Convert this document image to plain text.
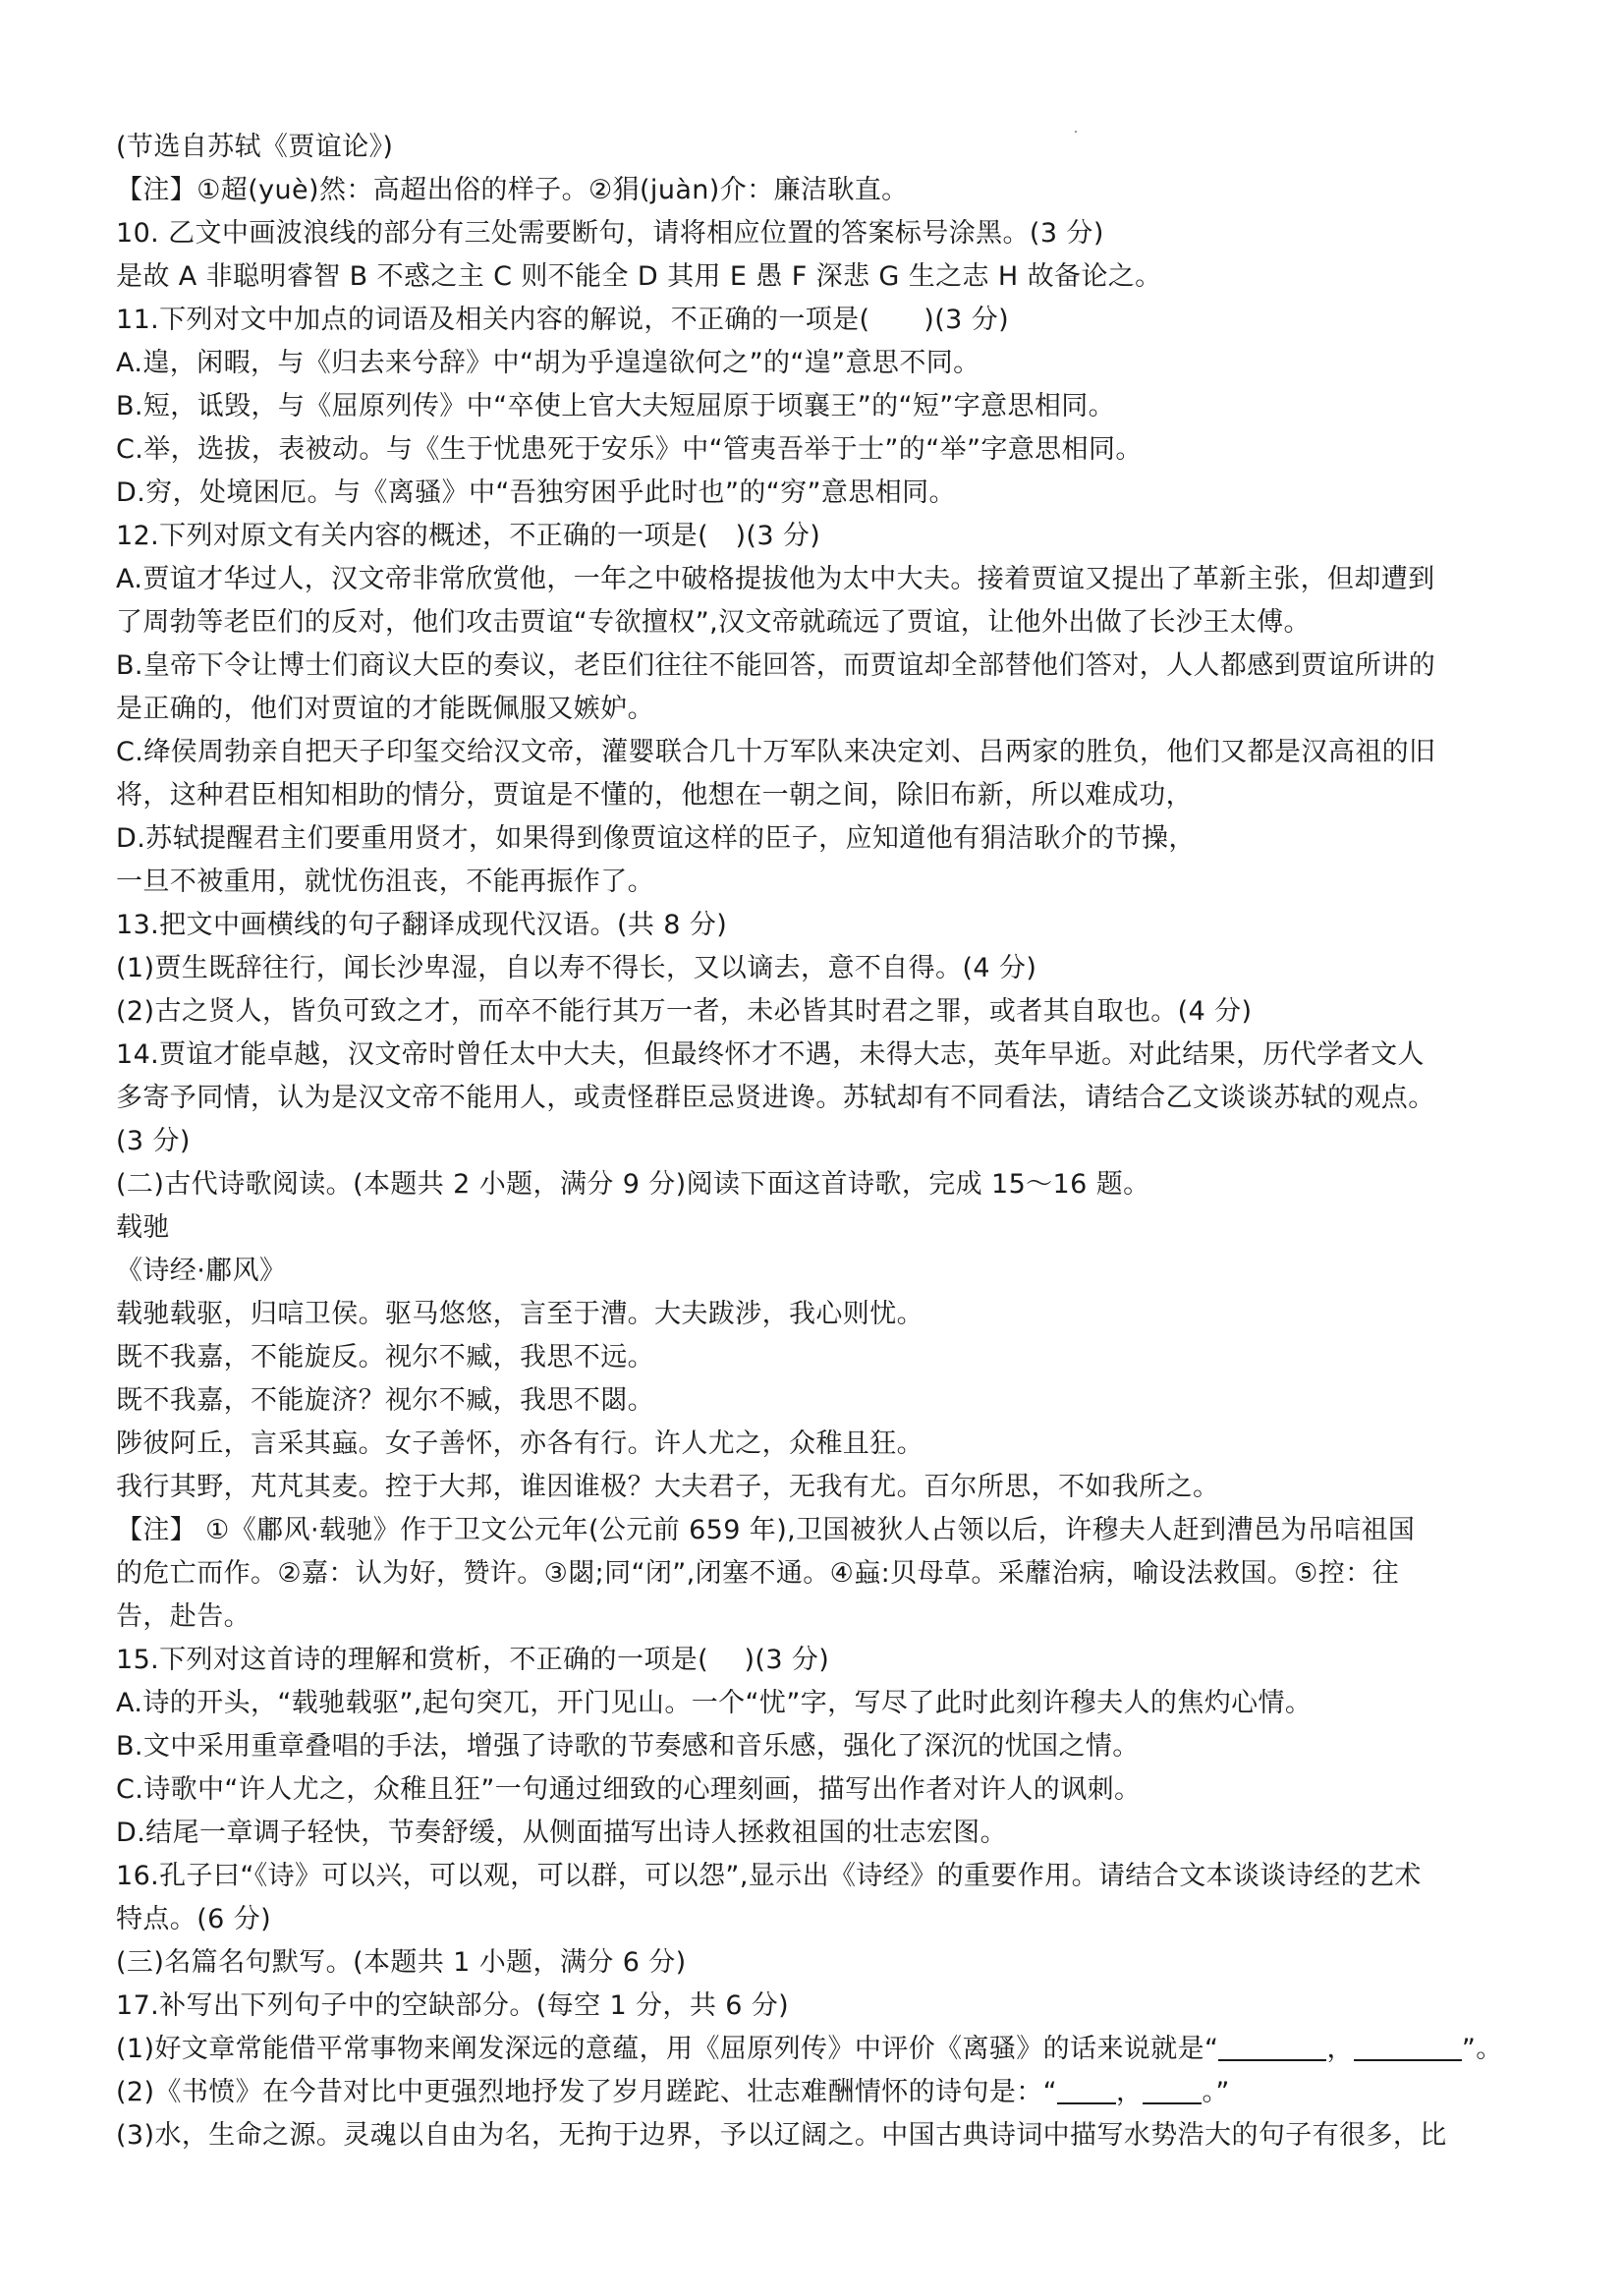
(节选自苏轼《贾谊论》)
【注】①超(yuè)然：高超出俗的样子。②狷(juàn)介：廉洁耿直。
10. 乙文中画波浪线的部分有三处需要断句，请将相应位置的答案标号涂黑。(3 分)
是故 A 非聪明睿智 B 不惑之主 C 则不能全 D 其用 E 愚 F 深悲 G 生之志 H 故备论之。
11.下列对文中加点的词语及相关内容的解说，不正确的一项是(　　)(3 分)
A.遑，闲暇，与《归去来兮辞》中“胡为乎遑遑欲何之”的“遑”意思不同。
B.短，诋毁，与《屈原列传》中“卒使上官大夫短屈原于顷襄王”的“短”字意思相同。
C.举，选拔，表被动。与《生于忧患死于安乐》中“管夷吾举于士”的“举”字意思相同。
D.穷，处境困厄。与《离骚》中“吾独穷困乎此时也”的“穷”意思相同。
12.下列对原文有关内容的概述，不正确的一项是(　)(3 分)
A.贾谊才华过人，汉文帝非常欣赏他，一年之中破格提拔他为太中大夫。接着贾谊又提出了革新主张，但却遭到
了周勃等老臣们的反对，他们攻击贾谊“专欲擅权”,汉文帝就疏远了贾谊，让他外出做了长沙王太傅。
B.皇帝下令让博士们商议大臣的奏议，老臣们往往不能回答，而贾谊却全部替他们答对，人人都感到贾谊所讲的
是正确的，他们对贾谊的才能既佩服又嫉妒。
C.绛侯周勃亲自把天子印玺交给汉文帝，灌婴联合几十万军队来决定刘、吕两家的胜负，他们又都是汉高祖的旧
将，这种君臣相知相助的情分，贾谊是不懂的，他想在一朝之间，除旧布新，所以难成功，
D.苏轼提醒君主们要重用贤才，如果得到像贾谊这样的臣子，应知道他有狷洁耿介的节操，
一旦不被重用，就忧伤沮丧，不能再振作了。
13.把文中画横线的句子翻译成现代汉语。(共 8 分)
(1)贾生既辞往行，闻长沙卑湿，自以寿不得长，又以谪去，意不自得。(4 分)
(2)古之贤人，皆负可致之才，而卒不能行其万一者，未必皆其时君之罪，或者其自取也。(4 分)
14.贾谊才能卓越，汉文帝时曾任太中大夫，但最终怀才不遇，未得大志，英年早逝。对此结果，历代学者文人
多寄予同情，认为是汉文帝不能用人，或责怪群臣忌贤进谗。苏轼却有不同看法，请结合乙文谈谈苏轼的观点。
(3 分)
(二)古代诗歌阅读。(本题共 2 小题，满分 9 分)阅读下面这首诗歌，完成 15～16 题。
载驰
《诗经·鄘风》
载驰载驱，归唁卫侯。驱马悠悠，言至于漕。大夫跋涉，我心则忧。
既不我嘉，不能旋反。视尔不臧，我思不远。
既不我嘉，不能旋济？视尔不臧，我思不閟。
陟彼阿丘，言采其蝱。女子善怀，亦各有行。许人尤之，众稚且狂。
我行其野，芃芃其麦。控于大邦，谁因谁极？大夫君子，无我有尤。百尔所思，不如我所之。
【注】 ①《鄘风·载驰》作于卫文公元年(公元前 659 年),卫国被狄人占领以后，许穆夫人赶到漕邑为吊唁祖国
的危亡而作。②嘉：认为好，赞许。③閟;同“闭”,闭塞不通。④蝱:贝母草。采蘼治病，喻设法救国。⑤控：往
告，赴告。
15.下列对这首诗的理解和赏析，不正确的一项是(　 )(3 分)
A.诗的开头，“载驰载驱”,起句突兀，开门见山。一个“忧”字，写尽了此时此刻许穆夫人的焦灼心情。
B.文中采用重章叠唱的手法，增强了诗歌的节奏感和音乐感，强化了深沉的忧国之情。
C.诗歌中“许人尤之，众稚且狂”一句通过细致的心理刻画，描写出作者对许人的讽刺。
D.结尾一章调子轻快，节奏舒缓，从侧面描写出诗人拯救祖国的壮志宏图。
16.孔子曰“《诗》可以兴，可以观，可以群，可以怨”,显示出《诗经》的重要作用。请结合文本谈谈诗经的艺术
特点。(6 分)
(三)名篇名句默写。(本题共 1 小题，满分 6 分)
17.补写出下列句子中的空缺部分。(每空 1 分，共 6 分)
(1)好文章常能借平常事物来阐发深远的意蕴，用《屈原列传》中评价《离骚》的话来说就是“	，	”。
(2)《书愤》在今昔对比中更强烈地抒发了岁月蹉跎、壮志难酬情怀的诗句是：“ ， 。”
(3)水，生命之源。灵魂以自由为名，无拘于边界，予以辽阔之。中国古典诗词中描写水势浩大的句子有很多，比
